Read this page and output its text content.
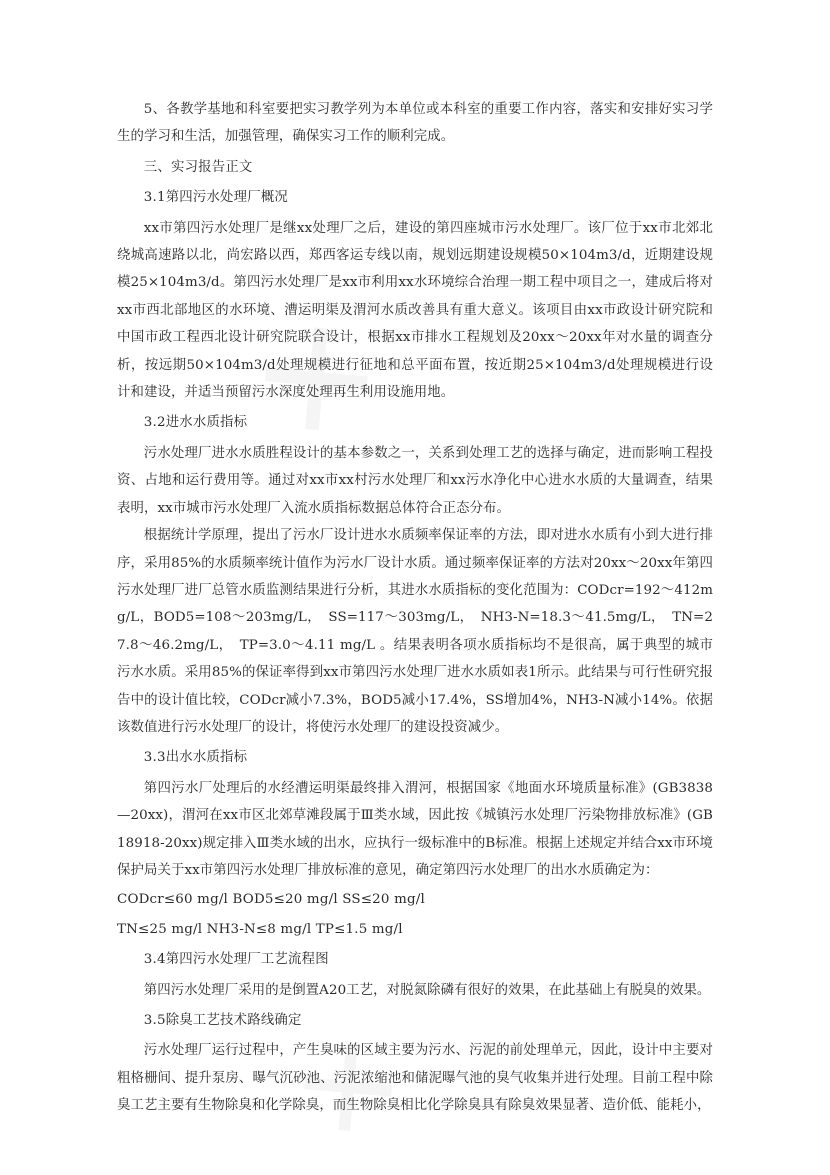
5、各教学基地和科室要把实习教学列为本单位或本科室的重要工作内容，落实和安排好实习学生的学习和生活，加强管理，确保实习工作的顺利完成。

三、实习报告正文

3.1第四污水处理厂概况

xx市第四污水处理厂是继xx处理厂之后，建设的第四座城市污水处理厂。该厂位于xx市北郊北绕城高速路以北，尚宏路以西，郑西客运专线以南，规划远期建设规模50×104m3/d，近期建设规模25×104m3/d。第四污水处理厂是xx市利用xx水环境综合治理一期工程中项目之一，建成后将对xx市西北部地区的水环境、漕运明渠及渭河水质改善具有重大意义。该项目由xx市政设计研究院和中国市政工程西北设计研究院联合设计，根据xx市排水工程规划及20xx～20xx年对水量的调查分析，按远期50×104m3/d处理规模进行征地和总平面布置，按近期25×104m3/d处理规模进行设计和建设，并适当预留污水深度处理再生利用设施用地。

3.2进水水质指标

污水处理厂进水水质胜程设计的基本参数之一，关系到处理工艺的选择与确定，进而影响工程投资、占地和运行费用等。通过对xx市xx村污水处理厂和xx污水净化中心进水水质的大量调查，结果表明，xx市城市污水处理厂入流水质指标数据总体符合正态分布。

根据统计学原理，提出了污水厂设计进水水质频率保证率的方法，即对进水水质有小到大进行排序，采用85%的水质频率统计值作为污水厂设计水质。通过频率保证率的方法对20xx～20xx年第四污水处理厂进厂总管水质监测结果进行分析，其进水水质指标的变化范围为：CODcr=192～412mg/L，BOD5=108～203mg/L，　SS=117～303mg/L，　NH3-N=18.3～41.5mg/L，　TN=27.8～46.2mg/L，　TP=3.0～4.11 mg/L 。结果表明各项水质指标均不是很高，属于典型的城市污水水质。采用85%的保证率得到xx市第四污水处理厂进水水质如表1所示。此结果与可行性研究报告中的设计值比较，CODcr减小7.3%，BOD5减小17.4%，SS增加4%，NH3-N减小14%。依据该数值进行污水处理厂的设计，将使污水处理厂的建设投资减少。

3.3出水水质指标

第四污水厂处理后的水经漕运明渠最终排入渭河，根据国家《地面水环境质量标准》(GB3838—20xx)，渭河在xx市区北郊草滩段属于Ⅲ类水域，因此按《城镇污水处理厂污染物排放标准》(GB18918-20xx)规定排入Ⅲ类水域的出水，应执行一级标准中的B标准。根据上述规定并结合xx市环境保护局关于xx市第四污水处理厂排放标准的意见，确定第四污水处理厂的出水水质确定为：

CODcr≤60 mg/l BOD5≤20 mg/l SS≤20 mg/l

TN≤25 mg/l NH3-N≤8 mg/l TP≤1.5 mg/l

3.4第四污水处理厂工艺流程图

第四污水处理厂采用的是倒置A20工艺，对脱氮除磷有很好的效果，在此基础上有脱臭的效果。

3.5除臭工艺技术路线确定

污水处理厂运行过程中，产生臭味的区域主要为污水、污泥的前处理单元，因此，设计中主要对粗格栅间、提升泵房、曝气沉砂池、污泥浓缩池和储泥曝气池的臭气收集并进行处理。目前工程中除臭工艺主要有生物除臭和化学除臭，而生物除臭相比化学除臭具有除臭效果显著、造价低、能耗小，
